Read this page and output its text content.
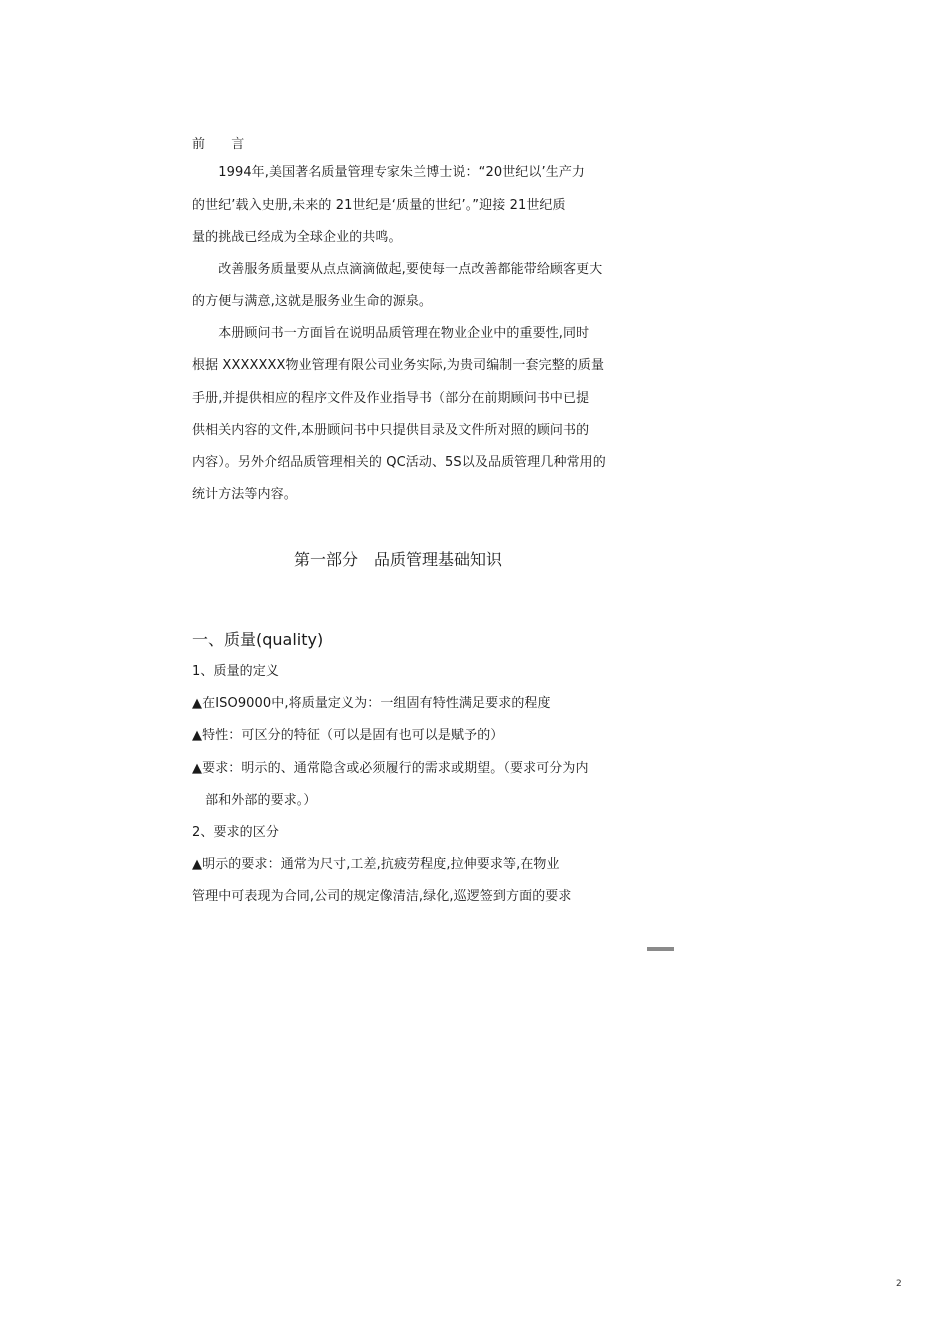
前　　言
　　1994年,美国著名质量管理专家朱兰博士说：“20世纪以’生产力
的世纪’载入史册,未来的 21世纪是‘质量的世纪’。”迎接 21世纪质
量的挑战已经成为全球企业的共鸣。
　　改善服务质量要从点点滴滴做起,要使每一点改善都能带给顾客更大
的方便与满意,这就是服务业生命的源泉。
　　本册顾问书一方面旨在说明品质管理在物业企业中的重要性,同时
根据 XXXXXXX物业管理有限公司业务实际,为贵司编制一套完整的质量
手册,并提供相应的程序文件及作业指导书（部分在前期顾问书中已提
供相关内容的文件,本册顾问书中只提供目录及文件所对照的顾问书的
内容）。另外介绍品质管理相关的 QC活动、5S以及品质管理几种常用的
统计方法等内容。
第一部分　品质管理基础知识
一、质量(quality)
1、质量的定义
▲在ISO9000中,将质量定义为：一组固有特性满足要求的程度
▲特性：可区分的特征（可以是固有也可以是赋予的）
▲要求：明示的、通常隐含或必须履行的需求或期望。（要求可分为内
　部和外部的要求。）
2、要求的区分
▲明示的要求：通常为尺寸,工差,抗疲劳程度,拉伸要求等,在物业
管理中可表现为合同,公司的规定像清洁,绿化,巡逻签到方面的要求
2
